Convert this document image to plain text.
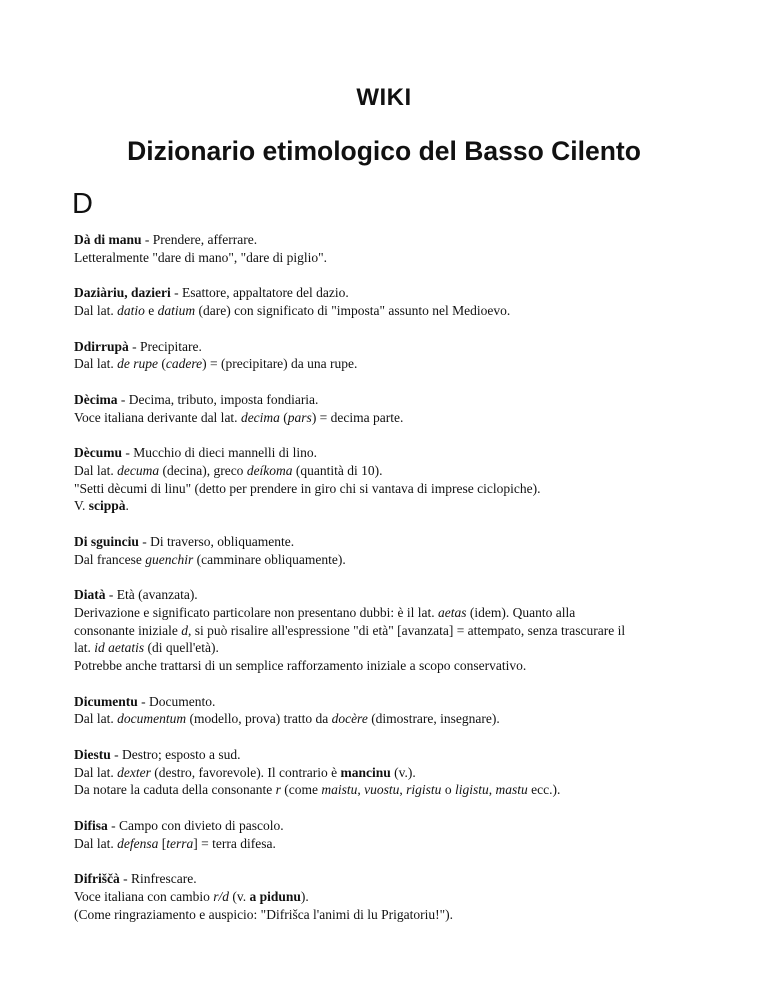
WIKI
Dizionario etimologico del Basso Cilento
D

Dà di manu - Prendere, afferrare.

Letteralmente "dare di mano", "dare di piglio".

Daziàriu, dazieri - Esattore, appaltatore del dazio.

Dal lat. datio e datium (dare) con significato di "imposta" assunto nel Medioevo.

Ddirrupà - Precipitare.

Dal lat. de rupe (cadere) = (precipitare) da una rupe.

Dècima - Decima, tributo, imposta fondiaria.

Voce italiana derivante dal lat. decima (pars) = decima parte.

Dècumu - Mucchio di dieci mannelli di lino.

Dal lat. decuma (decina), greco deíkoma (quantità di 10).

"Setti dècumi di linu" (detto per prendere in giro chi si vantava di imprese ciclopiche).

V. scippà.

Di sguinciu - Di traverso, obliquamente.

Dal francese guenchir (camminare obliquamente).

Diatà - Età (avanzata).

Derivazione e significato particolare non presentano dubbi: è il lat. aetas (idem). Quanto alla

consonante iniziale d, si può risalire all'espressione "di età" [avanzata] = attempato, senza trascurare il

lat. id aetatis (di quell'età).

Potrebbe anche trattarsi di un semplice rafforzamento iniziale a scopo conservativo.

Dicumentu - Documento.

Dal lat. documentum (modello, prova) tratto da docère (dimostrare, insegnare).

Diestu - Destro; esposto a sud.

Dal lat. dexter (destro, favorevole). Il contrario è mancinu (v.).

Da notare la caduta della consonante r (come maistu, vuostu, rigistu o ligistu, mastu ecc.).

Difisa - Campo con divieto di pascolo.

Dal lat. defensa [terra] = terra difesa.

Difriščà - Rinfrescare.

Voce italiana con cambio r/d (v. a pidunu).

(Come ringraziamento e auspicio: "Difrišca l'animi di lu Prigatoriu!").
